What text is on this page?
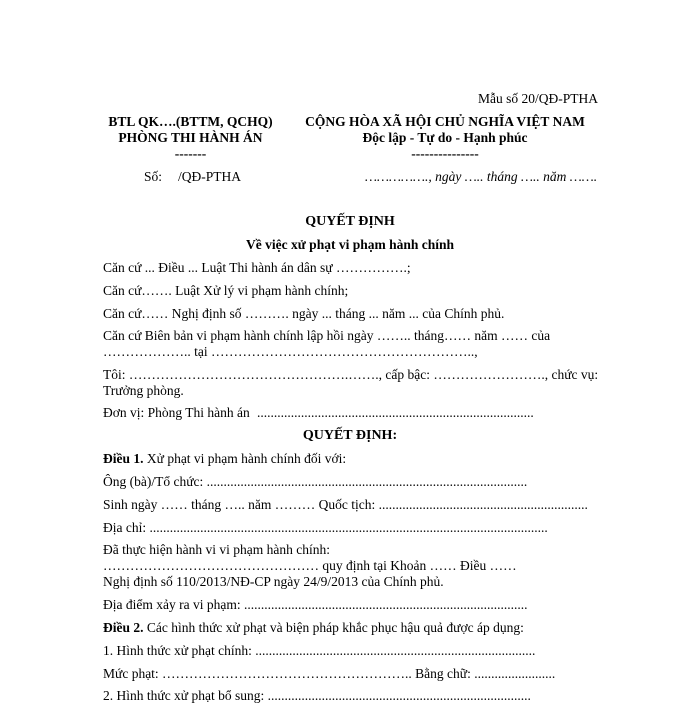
Mẫu số 20/QĐ-PTHA
BTL QK….(BTTM, QCHQ)
PHÒNG THI HÀNH ÁN
-------
CỘNG HÒA XÃ HỘI CHỦ NGHĨA VIỆT NAM
Độc lập - Tự do - Hạnh phúc
---------------
Số: /QĐ-PTHA	……………., ngày ….. tháng ….. năm …….
QUYẾT ĐỊNH
Về việc xử phạt vi phạm hành chính
Căn cứ ... Điều ... Luật Thi hành án dân sự …………….;
Căn cứ……. Luật Xử lý vi phạm hành chính;
Căn cứ…… Nghị định số ………. ngày ... tháng ... năm ... của Chính phủ.
Căn cứ Biên bản vi phạm hành chính lập hồi ngày …….. tháng…… năm …… của
……………….. tại …………………………………………………..,
Tôi: ………………………………………….……., cấp bậc: ……………………., chức vụ:
Trưởng phòng.
Đơn vị: Phòng Thi hành án ..................................................................................
QUYẾT ĐỊNH:
Điều 1. Xử phạt vi phạm hành chính đối với:
Ông (bà)/Tổ chức: ...............................................................................................
Sinh ngày …… tháng ….. năm ……… Quốc tịch: ..............................................................
Địa chỉ: ......................................................................................................................
Đã thực hiện hành vi vi phạm hành chính:
………………………………………… quy định tại Khoản …… Điều ……
Nghị định số 110/2013/NĐ-CP ngày 24/9/2013 của Chính phủ.
Địa điểm xảy ra vi phạm: ....................................................................................
Điều 2. Các hình thức xử phạt và biện pháp khắc phục hậu quả được áp dụng:
1. Hình thức xử phạt chính: ...................................................................................
Mức phạt: ……………………………………………….. Bằng chữ: ........................
2. Hình thức xử phạt bổ sung: ..............................................................................
